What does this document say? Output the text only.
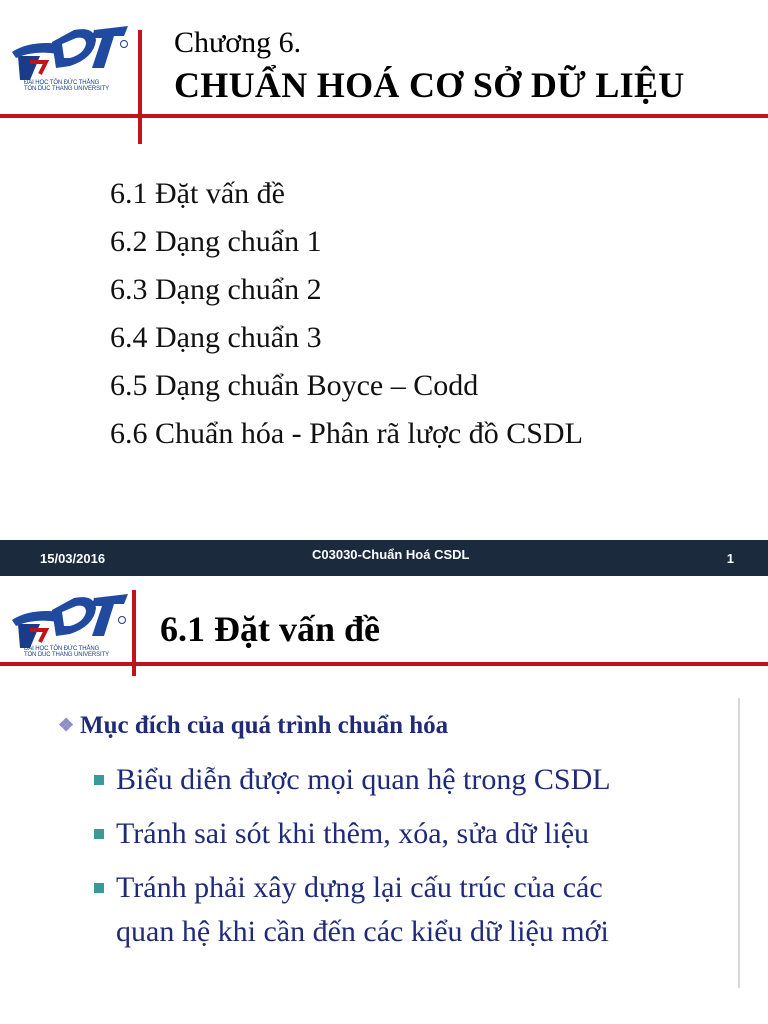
ĐẠI HỌC TÔN ĐỨC THẮNG
TON DUC THANG UNIVERSITY
Chương 6.
CHUẨN HOÁ CƠ SỞ DỮ LIỆU
6.1 Đặt vấn đề
6.2 Dạng chuẩn 1
6.3 Dạng chuẩn 2
6.4 Dạng chuẩn 3
6.5 Dạng chuẩn Boyce – Codd
6.6 Chuẩn hóa - Phân rã lược đồ CSDL
15/03/2016	C03030-Chuẩn Hoá CSDL	1
ĐẠI HỌC TÔN ĐỨC THẮNG
TON DUC THANG UNIVERSITY
6.1 Đặt vấn đề
❖ Mục đích của quá trình chuẩn hóa
Biểu diễn được mọi quan hệ trong CSDL
Tránh sai sót khi thêm, xóa, sửa dữ liệu
Tránh phải xây dựng lại cấu trúc của các
quan hệ khi cần đến các kiểu dữ liệu mới
